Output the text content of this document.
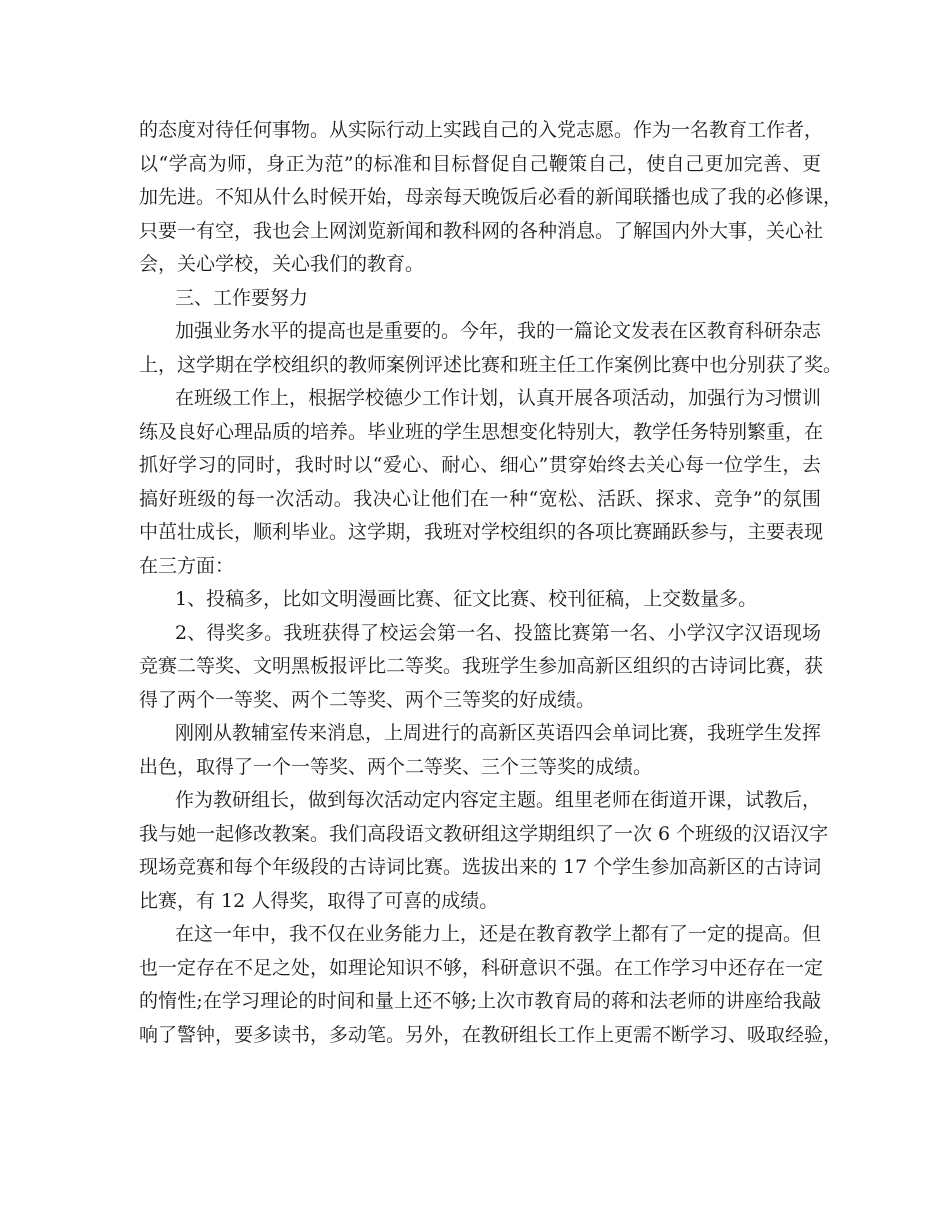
的态度对待任何事物。从实际行动上实践自己的入党志愿。作为一名教育工作者，
以“学高为师，身正为范”的标准和目标督促自己鞭策自己，使自己更加完善、更
加先进。不知从什么时候开始，母亲每天晚饭后必看的新闻联播也成了我的必修课，
只要一有空，我也会上网浏览新闻和教科网的各种消息。了解国内外大事，关心社
会，关心学校，关心我们的教育。
三、工作要努力
加强业务水平的提高也是重要的。今年，我的一篇论文发表在区教育科研杂志
上，这学期在学校组织的教师案例评述比赛和班主任工作案例比赛中也分别获了奖。
在班级工作上，根据学校德少工作计划，认真开展各项活动，加强行为习惯训
练及良好心理品质的培养。毕业班的学生思想变化特别大，教学任务特别繁重，在
抓好学习的同时，我时时以“爱心、耐心、细心”贯穿始终去关心每一位学生，去
搞好班级的每一次活动。我决心让他们在一种“宽松、活跃、探求、竞争”的氛围
中茁壮成长，顺利毕业。这学期，我班对学校组织的各项比赛踊跃参与，主要表现
在三方面：
1、投稿多，比如文明漫画比赛、征文比赛、校刊征稿，上交数量多。
2、得奖多。我班获得了校运会第一名、投篮比赛第一名、小学汉字汉语现场
竞赛二等奖、文明黑板报评比二等奖。我班学生参加高新区组织的古诗词比赛，获
得了两个一等奖、两个二等奖、两个三等奖的好成绩。
刚刚从教辅室传来消息，上周进行的高新区英语四会单词比赛，我班学生发挥
出色，取得了一个一等奖、两个二等奖、三个三等奖的成绩。
作为教研组长，做到每次活动定内容定主题。组里老师在街道开课，试教后，
我与她一起修改教案。我们高段语文教研组这学期组织了一次 6 个班级的汉语汉字
现场竞赛和每个年级段的古诗词比赛。选拔出来的 17 个学生参加高新区的古诗词
比赛，有 12 人得奖，取得了可喜的成绩。
在这一年中，我不仅在业务能力上，还是在教育教学上都有了一定的提高。但
也一定存在不足之处，如理论知识不够，科研意识不强。在工作学习中还存在一定
的惰性;在学习理论的时间和量上还不够;上次市教育局的蒋和法老师的讲座给我敲
响了警钟，要多读书，多动笔。另外，在教研组长工作上更需不断学习、吸取经验，
